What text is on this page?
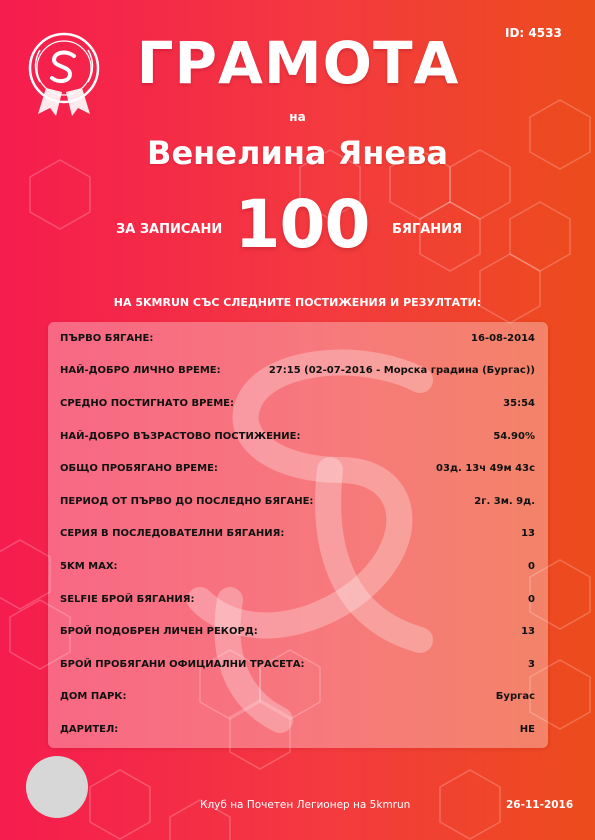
ID: 4533
ГРАМОТА
на
Венелина Янева
ЗА ЗАПИСАНИ 100	БЯГАНИЯ
НА 5KMRUN СЪС СЛЕДНИТЕ ПОСТИЖЕНИЯ И РЕЗУЛТАТИ:
ПЪРВО БЯГАНЕ:	16-08-2014
НАЙ-ДОБРО ЛИЧНО ВРЕМЕ:	27:15 (02-07-2016 - Морска градина (Бургас))
СРЕДНО ПОСТИГНАТО ВРЕМЕ:	35:54
НАЙ-ДОБРО ВЪЗРАСТОВО ПОСТИЖЕНИЕ:	54.90%
ОБЩО ПРОБЯГАНО ВРЕМЕ:	03д. 13ч 49м 43с
ПЕРИОД ОТ ПЪРВО ДО ПОСЛЕДНО БЯГАНЕ:	2г. 3м. 9д.
СЕРИЯ В ПОСЛЕДОВАТЕЛНИ БЯГАНИЯ:	13
5KM MAX:	0
SELFIE БРОЙ БЯГАНИЯ:	0
БРОЙ ПОДОБРЕН ЛИЧЕН РЕКОРД:	13
БРОЙ ПРОБЯГАНИ ОФИЦИАЛНИ ТРАСЕТА:	3
ДОМ ПАРК:	Бургас
ДАРИТЕЛ:	НЕ
Клуб на Почетен Легионер на 5kmrun	26-11-2016
